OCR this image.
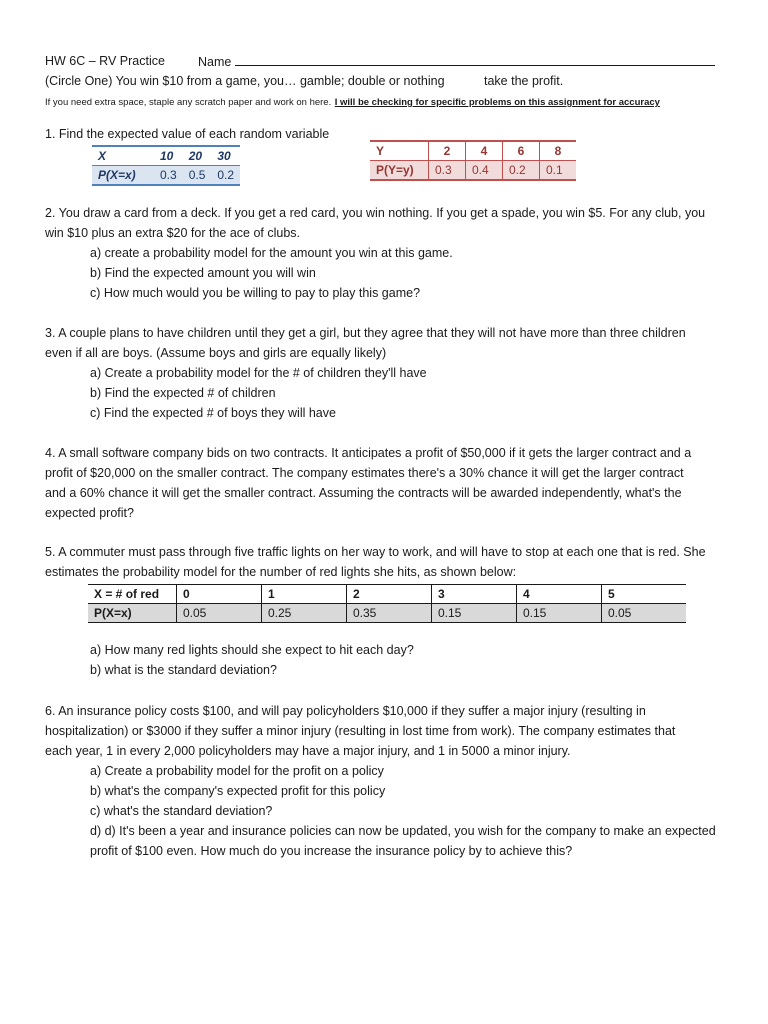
HW 6C – RV Practice	Name
(Circle One) You win $10 from a game, you… gamble; double or nothing	take the profit.
If you need extra space, staple any scratch paper and work on here. I will be checking for specific problems on this assignment for accuracy
1. Find the expected value of each random variable
X	10	20	30
P(X=x)	0.3	0.5	0.2
Y	2	4	6	8
P(Y=y)	0.3	0.4	0.2	0.1
2. You draw a card from a deck. If you get a red card, you win nothing. If you get a spade, you win $5. For any club, you
win $10 plus an extra $20 for the ace of clubs.
a) create a probability model for the amount you win at this game.
b) Find the expected amount you will win
c) How much would you be willing to pay to play this game?
3. A couple plans to have children until they get a girl, but they agree that they will not have more than three children
even if all are boys. (Assume boys and girls are equally likely)
a) Create a probability model for the # of children they'll have
b) Find the expected # of children
c) Find the expected # of boys they will have
4. A small software company bids on two contracts. It anticipates a profit of $50,000 if it gets the larger contract and a
profit of $20,000 on the smaller contract. The company estimates there's a 30% chance it will get the larger contract
and a 60% chance it will get the smaller contract. Assuming the contracts will be awarded independently, what's the
expected profit?
5. A commuter must pass through five traffic lights on her way to work, and will have to stop at each one that is red. She
estimates the probability model for the number of red lights she hits, as shown below:
X = # of red	0	1	2	3	4	5
P(X=x)	0.05	0.25	0.35	0.15	0.15	0.05
a) How many red lights should she expect to hit each day?
b) what is the standard deviation?
6. An insurance policy costs $100, and will pay policyholders $10,000 if they suffer a major injury (resulting in
hospitalization) or $3000 if they suffer a minor injury (resulting in lost time from work). The company estimates that
each year, 1 in every 2,000 policyholders may have a major injury, and 1 in 5000 a minor injury.
a) Create a probability model for the profit on a policy
b) what's the company's expected profit for this policy
c) what's the standard deviation?
d) d) It's been a year and insurance policies can now be updated, you wish for the company to make an expected
profit of $100 even. How much do you increase the insurance policy by to achieve this?
